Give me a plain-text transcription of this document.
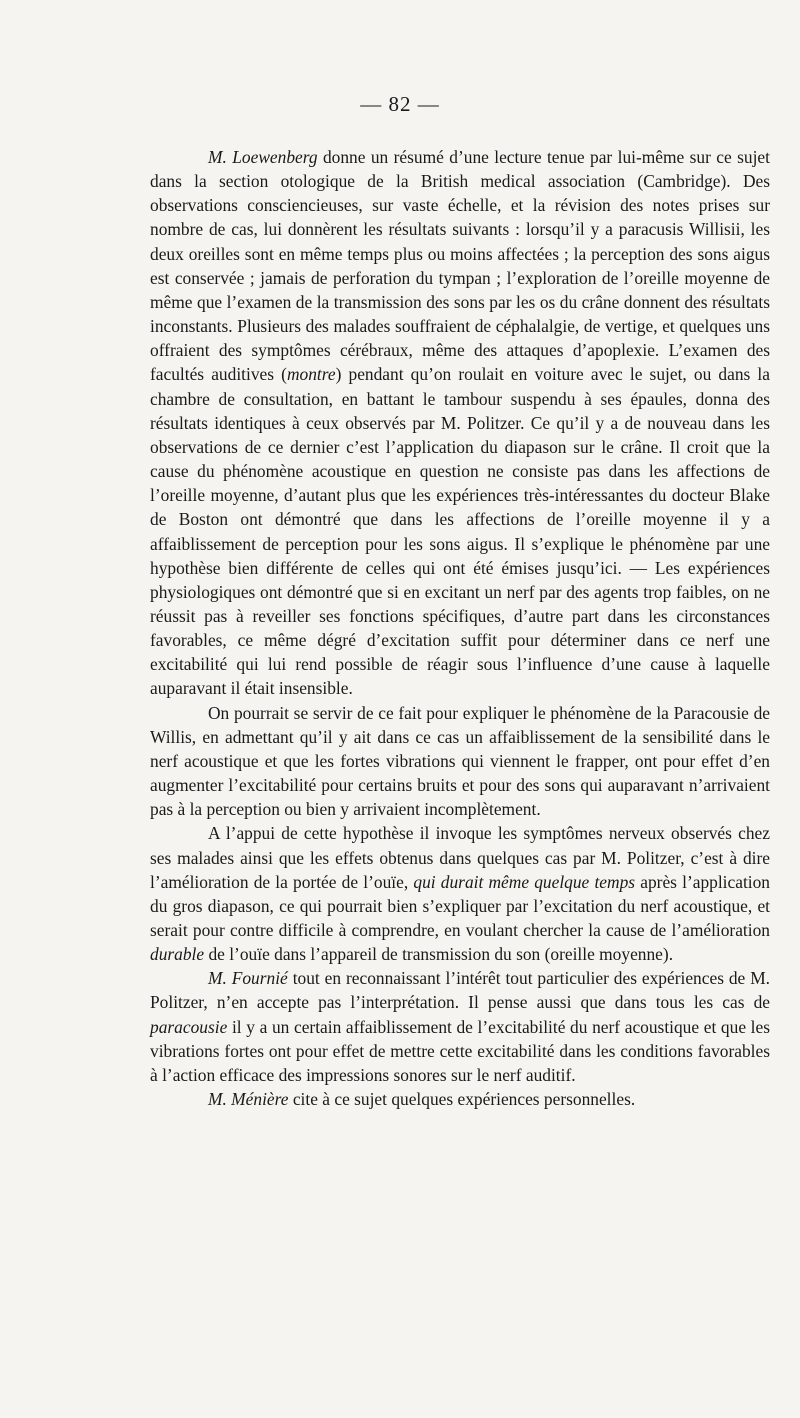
— 82 —

M. Loewenberg donne un résumé d’une lecture tenue par lui-même sur ce sujet dans la section otologique de la British medical association (Cambridge). Des observations consciencieuses, sur vaste échelle, et la révision des notes prises sur nombre de cas, lui donnèrent les résultats suivants : lorsqu’il y a paracusis Willisii, les deux oreilles sont en même temps plus ou moins affectées ; la perception des sons aigus est conservée ; jamais de perforation du tympan ; l’exploration de l’oreille moyenne de même que l’examen de la transmission des sons par les os du crâne donnent des résultats inconstants. Plusieurs des malades souffraient de céphalalgie, de vertige, et quelques uns offraient des symptômes cérébraux, même des attaques d’apoplexie. L’examen des facultés auditives (montre) pendant qu’on roulait en voiture avec le sujet, ou dans la chambre de consultation, en battant le tambour suspendu à ses épaules, donna des résultats identiques à ceux observés par M. Politzer. Ce qu’il y a de nouveau dans les observations de ce dernier c’est l’application du diapason sur le crâne. Il croit que la cause du phénomène acoustique en question ne consiste pas dans les affections de l’oreille moyenne, d’autant plus que les expériences très-intéressantes du docteur Blake de Boston ont démontré que dans les affections de l’oreille moyenne il y a affaiblissement de perception pour les sons aigus. Il s’explique le phénomène par une hypothèse bien différente de celles qui ont été émises jusqu’ici. — Les expériences physiologiques ont démontré que si en excitant un nerf par des agents trop faibles, on ne réussit pas à reveiller ses fonctions spécifiques, d’autre part dans les circonstances favorables, ce même dégré d’excitation suffit pour déterminer dans ce nerf une excitabilité qui lui rend possible de réagir sous l’influence d’une cause à laquelle auparavant il était insensible.

On pourrait se servir de ce fait pour expliquer le phénomène de la Paracousie de Willis, en admettant qu’il y ait dans ce cas un affaiblissement de la sensibilité dans le nerf acoustique et que les fortes vibrations qui viennent le frapper, ont pour effet d’en augmenter l’excitabilité pour certains bruits et pour des sons qui auparavant n’arrivaient pas à la perception ou bien y arrivaient incomplètement.

A l’appui de cette hypothèse il invoque les symptômes nerveux observés chez ses malades ainsi que les effets obtenus dans quelques cas par M. Politzer, c’est à dire l’amélioration de la portée de l’ouïe, qui durait même quelque temps après l’application du gros diapason, ce qui pourrait bien s’expliquer par l’excitation du nerf acoustique, et serait pour contre difficile à comprendre, en voulant chercher la cause de l’amélioration durable de l’ouïe dans l’appareil de transmission du son (oreille moyenne).

M. Fournié tout en reconnaissant l’intérêt tout particulier des expériences de M. Politzer, n’en accepte pas l’interprétation. Il pense aussi que dans tous les cas de paracousie il y a un certain affaiblissement de l’excitabilité du nerf acoustique et que les vibrations fortes ont pour effet de mettre cette excitabilité dans les conditions favorables à l’action efficace des impressions sonores sur le nerf auditif.

M. Ménière cite à ce sujet quelques expériences personnelles.
